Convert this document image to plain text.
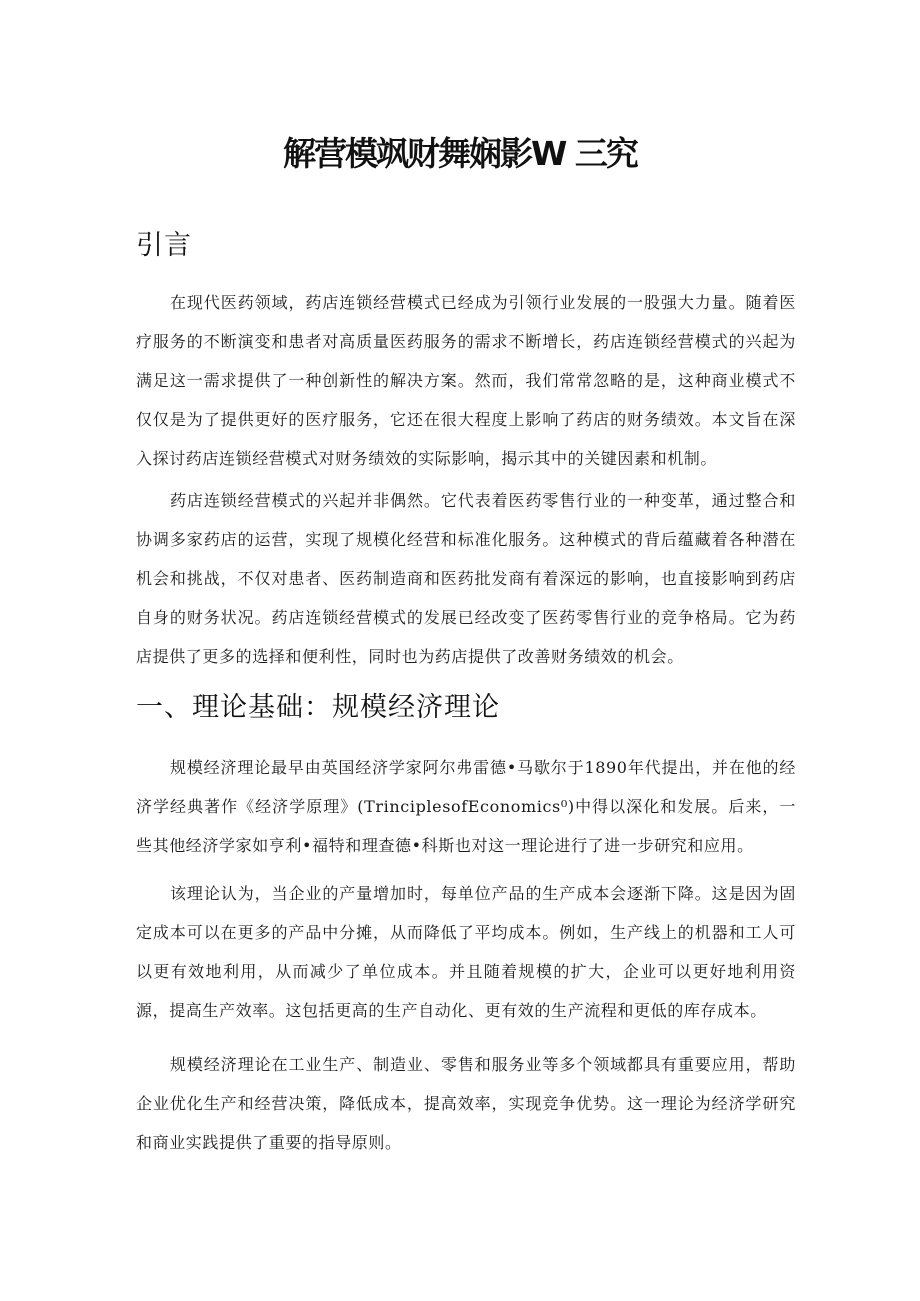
解营模飒财舞娴影W 三究
引言

在现代医药领域，药店连锁经营模式已经成为引领行业发展的一股强大力量。随着医疗服务的不断演变和患者对高质量医药服务的需求不断增长，药店连锁经营模式的兴起为满足这一需求提供了一种创新性的解决方案。然而，我们常常忽略的是，这种商业模式不仅仅是为了提供更好的医疗服务，它还在很大程度上影响了药店的财务绩效。本文旨在深入探讨药店连锁经营模式对财务绩效的实际影响，揭示其中的关键因素和机制。

药店连锁经营模式的兴起并非偶然。它代表着医药零售行业的一种变革，通过整合和协调多家药店的运营，实现了规模化经营和标准化服务。这种模式的背后蕴藏着各种潜在机会和挑战，不仅对患者、医药制造商和医药批发商有着深远的影响，也直接影响到药店自身的财务状况。药店连锁经营模式的发展已经改变了医药零售行业的竞争格局。它为药店提供了更多的选择和便利性，同时也为药店提供了改善财务绩效的机会。

一、理论基础：规模经济理论

规模经济理论最早由英国经济学家阿尔弗雷德•马歇尔于1890年代提出，并在他的经济学经典著作《经济学原理》(TrinciplesofEconomics⁰)中得以深化和发展。后来，一些其他经济学家如亨利•福特和理查德•科斯也对这一理论进行了进一步研究和应用。

该理论认为，当企业的产量增加时，每单位产品的生产成本会逐渐下降。这是因为固定成本可以在更多的产品中分摊，从而降低了平均成本。例如，生产线上的机器和工人可以更有效地利用，从而减少了单位成本。并且随着规模的扩大，企业可以更好地利用资源，提高生产效率。这包括更高的生产自动化、更有效的生产流程和更低的库存成本。

规模经济理论在工业生产、制造业、零售和服务业等多个领域都具有重要应用，帮助企业优化生产和经营决策，降低成本，提高效率，实现竞争优势。这一理论为经济学研究和商业实践提供了重要的指导原则。
